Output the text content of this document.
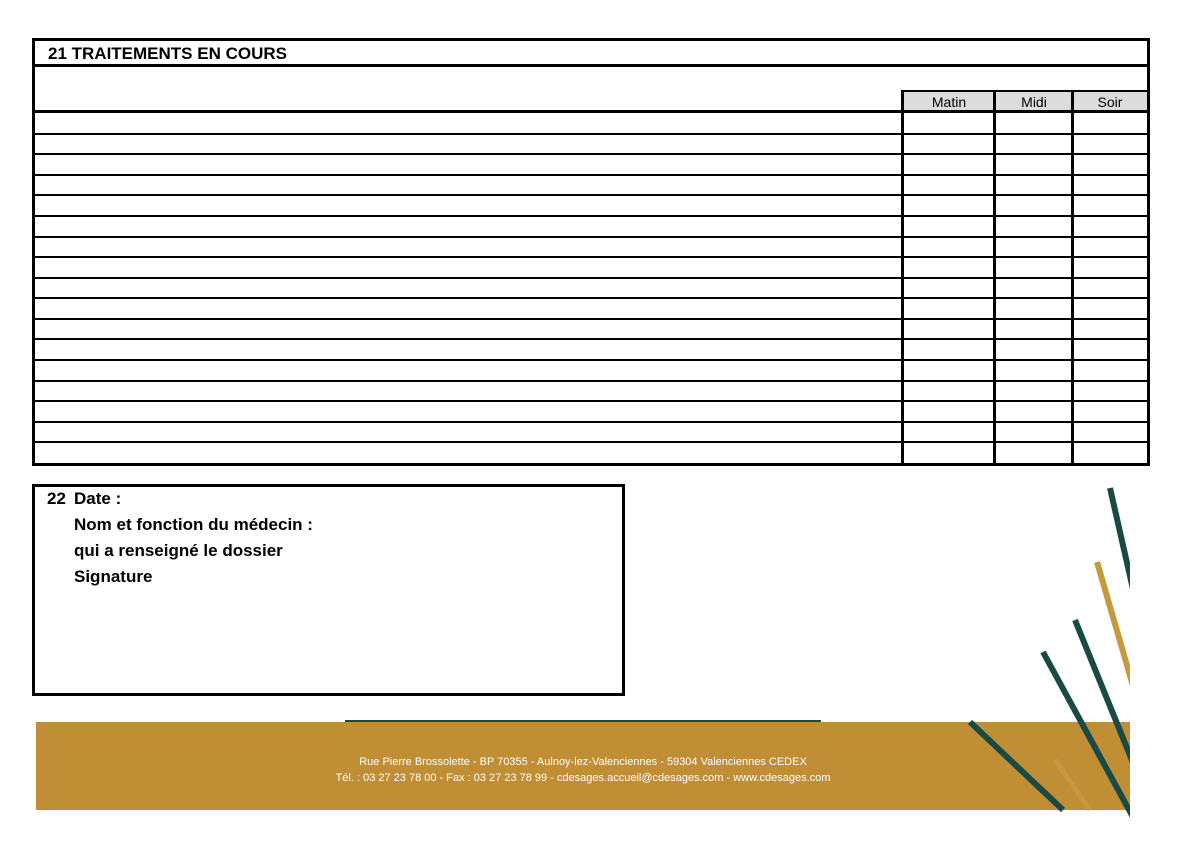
21 TRAITEMENTS EN COURS
Matin	Midi	Soir
22 Date :
Nom et fonction du médecin :
qui a renseigné le dossier
Signature
Rue Pierre Brossolette - BP 70355 - Aulnoy-lez-Valenciennes - 59304 Valenciennes CEDEX
Tél. : 03 27 23 78 00 - Fax : 03 27 23 78 99 - cdesages.accueil@cdesages.com - www.cdesages.com
